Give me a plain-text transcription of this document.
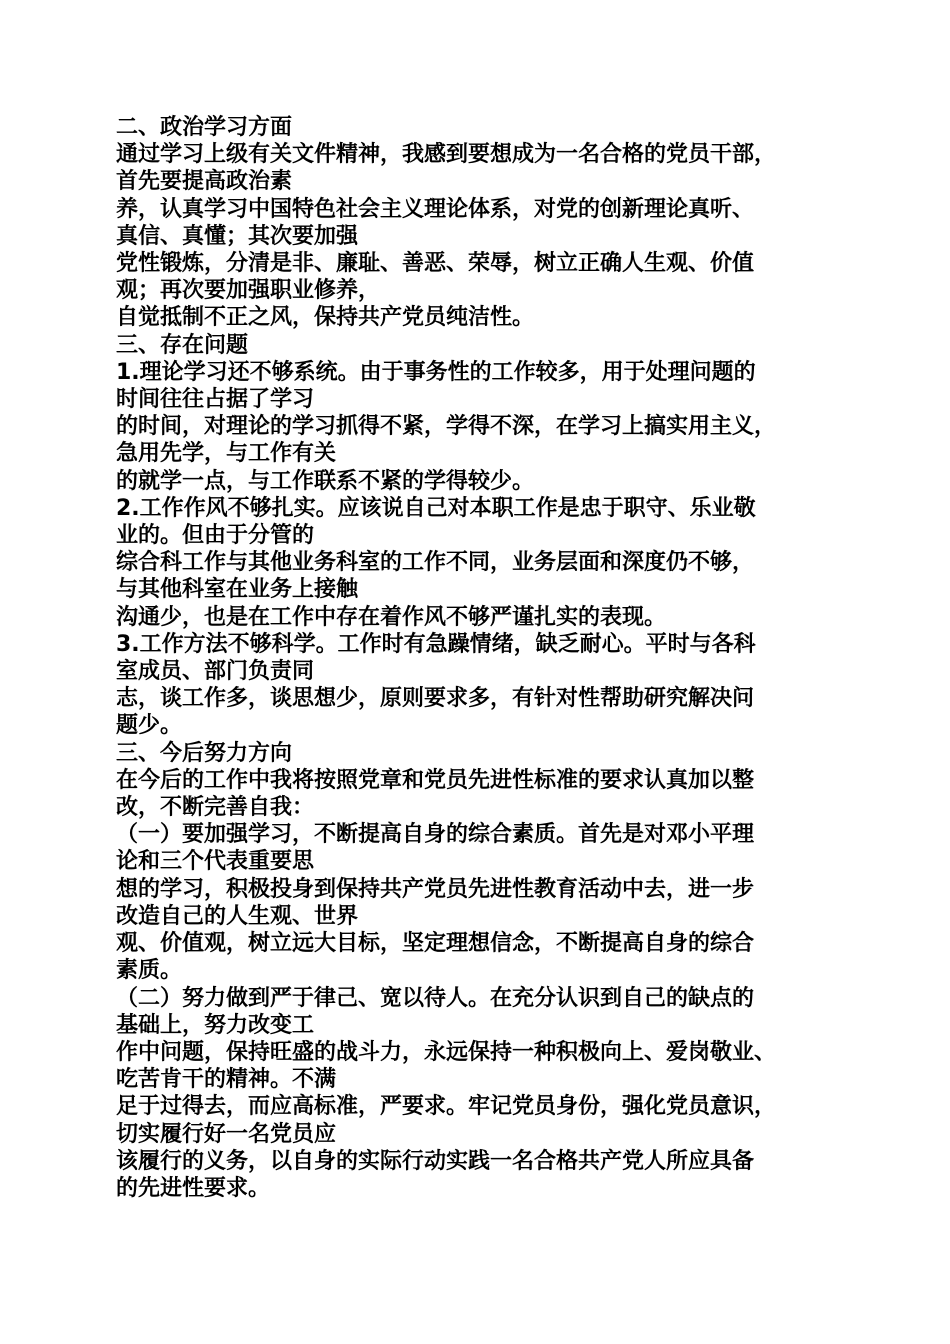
二、政治学习方面
通过学习上级有关文件精神，我感到要想成为一名合格的党员干部，
首先要提高政治素
养，认真学习中国特色社会主义理论体系，对党的创新理论真听、
真信、真懂；其次要加强
党性锻炼，分清是非、廉耻、善恶、荣辱，树立正确人生观、价值
观；再次要加强职业修养，
自觉抵制不正之风，保持共产党员纯洁性。
三、存在问题
1.理论学习还不够系统。由于事务性的工作较多，用于处理问题的
时间往往占据了学习
的时间，对理论的学习抓得不紧，学得不深，在学习上搞实用主义，
急用先学，与工作有关
的就学一点，与工作联系不紧的学得较少。
2.工作作风不够扎实。应该说自己对本职工作是忠于职守、乐业敬
业的。但由于分管的
综合科工作与其他业务科室的工作不同，业务层面和深度仍不够，
与其他科室在业务上接触
沟通少，也是在工作中存在着作风不够严谨扎实的表现。
3.工作方法不够科学。工作时有急躁情绪，缺乏耐心。平时与各科
室成员、部门负责同
志，谈工作多，谈思想少，原则要求多，有针对性帮助研究解决问
题少。
三、今后努力方向
在今后的工作中我将按照党章和党员先进性标准的要求认真加以整
改，不断完善自我：
（一）要加强学习，不断提高自身的综合素质。首先是对邓小平理
论和三个代表重要思
想的学习，积极投身到保持共产党员先进性教育活动中去，进一步
改造自己的人生观、世界
观、价值观，树立远大目标，坚定理想信念，不断提高自身的综合
素质。
（二）努力做到严于律己、宽以待人。在充分认识到自己的缺点的
基础上，努力改变工
作中问题，保持旺盛的战斗力，永远保持一种积极向上、爱岗敬业、
吃苦肯干的精神。不满
足于过得去，而应高标准，严要求。牢记党员身份，强化党员意识，
切实履行好一名党员应
该履行的义务，以自身的实际行动实践一名合格共产党人所应具备
的先进性要求。
